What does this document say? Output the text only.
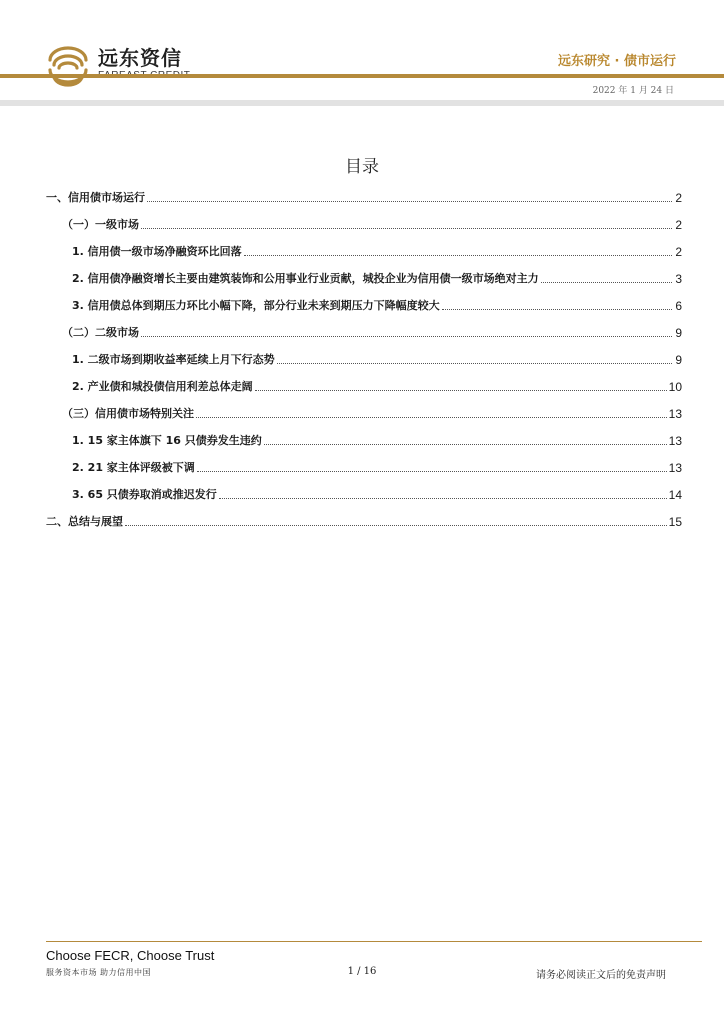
远东资信	远东研究 · 债市运行
2022 年 1 月 24 日
目录
一、信用债市场运行	2
（一）一级市场	2
1. 信用债一级市场净融资环比回落	2
2. 信用债净融资增长主要由建筑装饰和公用事业行业贡献，城投企业为信用债一级市场绝对主力	3
3. 信用债总体到期压力环比小幅下降，部分行业未来到期压力下降幅度较大	6
（二）二级市场	9
1. 二级市场到期收益率延续上月下行态势	9
2. 产业债和城投债信用利差总体走阔	10
（三）信用债市场特别关注	13
1. 15 家主体旗下 16 只债券发生违约	13
2. 21 家主体评级被下调	13
3. 65 只债券取消或推迟发行	14
二、总结与展望	15
Choose FECR, Choose Trust
服务资本市场 助力信用中国	1 / 16	请务必阅读正文后的免责声明
